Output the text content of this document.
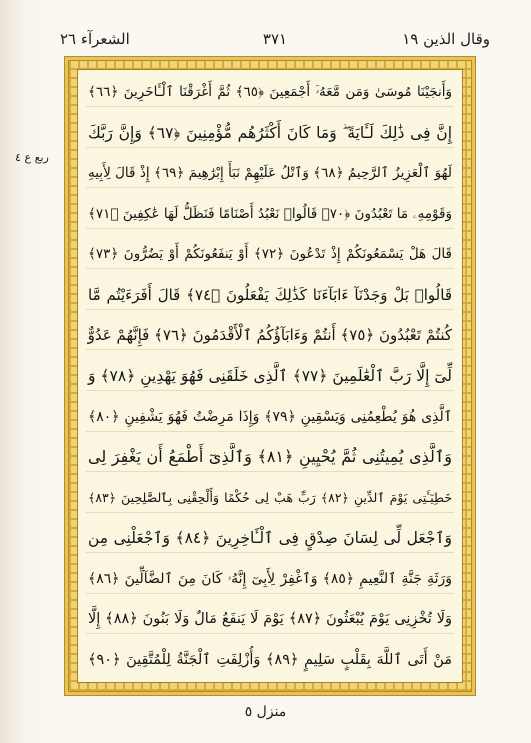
وقال الذين ١٩
٣٧١
الشعرآء ٢٦
ربع ع ٤
وَأَنجَيْنَا مُوسَىٰ وَمَن مَّعَهُۥٓ أَجْمَعِينَ ﴿٦٥﴾ ثُمَّ أَغْرَقْنَا ٱلْـَٔاخَرِينَ ﴿٦٦﴾
إِنَّ فِى ذَٰلِكَ لَـَٔايَةً ۖ وَمَا كَانَ أَكْثَرُهُم مُّؤْمِنِينَ ﴿٦٧﴾ وَإِنَّ رَبَّكَ
لَهُوَ ٱلْعَزِيزُ ٱلرَّحِيمُ ﴿٦٨﴾ وَٱتْلُ عَلَيْهِمْ نَبَأَ إِبْرَٰهِيمَ ﴿٦٩﴾ إِذْ قَالَ لِأَبِيهِ
وَقَوْمِهِۦ مَا تَعْبُدُونَ ﴿٧٠﴾ قَالُوا۟ نَعْبُدُ أَصْنَامًا فَنَظَلُّ لَهَا عَٰكِفِينَ ﴿٧١﴾
قَالَ هَلْ يَسْمَعُونَكُمْ إِذْ تَدْعُونَ ﴿٧٢﴾ أَوْ يَنفَعُونَكُمْ أَوْ يَضُرُّونَ ﴿٧٣﴾
قَالُوا۟ بَلْ وَجَدْنَآ ءَابَآءَنَا كَذَٰلِكَ يَفْعَلُونَ ﴿٧٤﴾ قَالَ أَفَرَءَيْتُم مَّا
كُنتُمْ تَعْبُدُونَ ﴿٧٥﴾ أَنتُمْ وَءَابَآؤُكُمُ ٱلْأَقْدَمُونَ ﴿٧٦﴾ فَإِنَّهُمْ عَدُوٌّ
لِّىٓ إِلَّا رَبَّ ٱلْعَٰلَمِينَ ﴿٧٧﴾ ٱلَّذِى خَلَقَنِى فَهُوَ يَهْدِينِ ﴿٧٨﴾ وَ
ٱلَّذِى هُوَ يُطْعِمُنِى وَيَسْقِينِ ﴿٧٩﴾ وَإِذَا مَرِضْتُ فَهُوَ يَشْفِينِ ﴿٨٠﴾
وَٱلَّذِى يُمِيتُنِى ثُمَّ يُحْيِينِ ﴿٨١﴾ وَٱلَّذِىٓ أَطْمَعُ أَن يَغْفِرَ لِى
خَطِيٓـَٔتِى يَوْمَ ٱلدِّينِ ﴿٨٢﴾ رَبِّ هَبْ لِى حُكْمًا وَأَلْحِقْنِى بِٱلصَّٰلِحِينَ ﴿٨٣﴾
وَٱجْعَل لِّى لِسَانَ صِدْقٍ فِى ٱلْـَٔاخِرِينَ ﴿٨٤﴾ وَٱجْعَلْنِى مِن
وَرَثَةِ جَنَّةِ ٱلنَّعِيمِ ﴿٨٥﴾ وَٱغْفِرْ لِأَبِىٓ إِنَّهُۥ كَانَ مِنَ ٱلضَّآلِّينَ ﴿٨٦﴾
وَلَا تُخْزِنِى يَوْمَ يُبْعَثُونَ ﴿٨٧﴾ يَوْمَ لَا يَنفَعُ مَالٌ وَلَا بَنُونَ ﴿٨٨﴾ إِلَّا
مَنْ أَتَى ٱللَّهَ بِقَلْبٍ سَلِيمٍ ﴿٨٩﴾ وَأُزْلِفَتِ ٱلْجَنَّةُ لِلْمُتَّقِينَ ﴿٩٠﴾
منزل ٥
